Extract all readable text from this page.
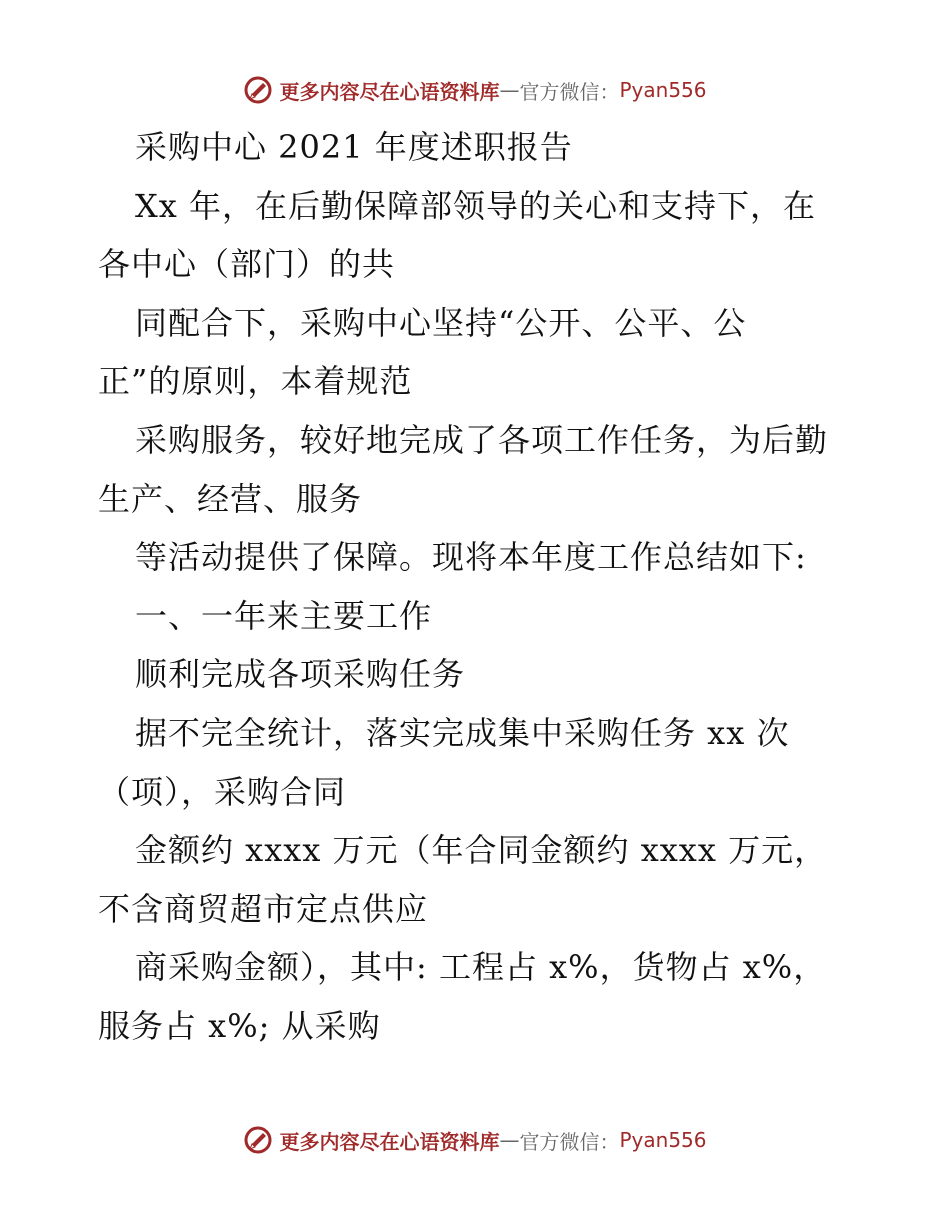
更多内容尽在心语资料库 — 官方微信： Pyan556
采购中心 2021 年度述职报告
Xx 年，在后勤保障部领导的关心和支持下，在
各中心（部门）的共
同配合下，采购中心坚持“公开、公平、公
正”的原则，本着规范
采购服务，较好地完成了各项工作任务，为后勤
生产、经营、服务
等活动提供了保障。现将本年度工作总结如下:
一、一年来主要工作
顺利完成各项采购任务
据不完全统计，落实完成集中采购任务 xx 次
（项），采购合同
金额约 xxxx 万元（年合同金额约 xxxx 万元，
不含商贸超市定点供应
商采购金额），其中: 工程占 x%，货物占 x%，
服务占 x%; 从采购
更多内容尽在心语资料库 — 官方微信： Pyan556
